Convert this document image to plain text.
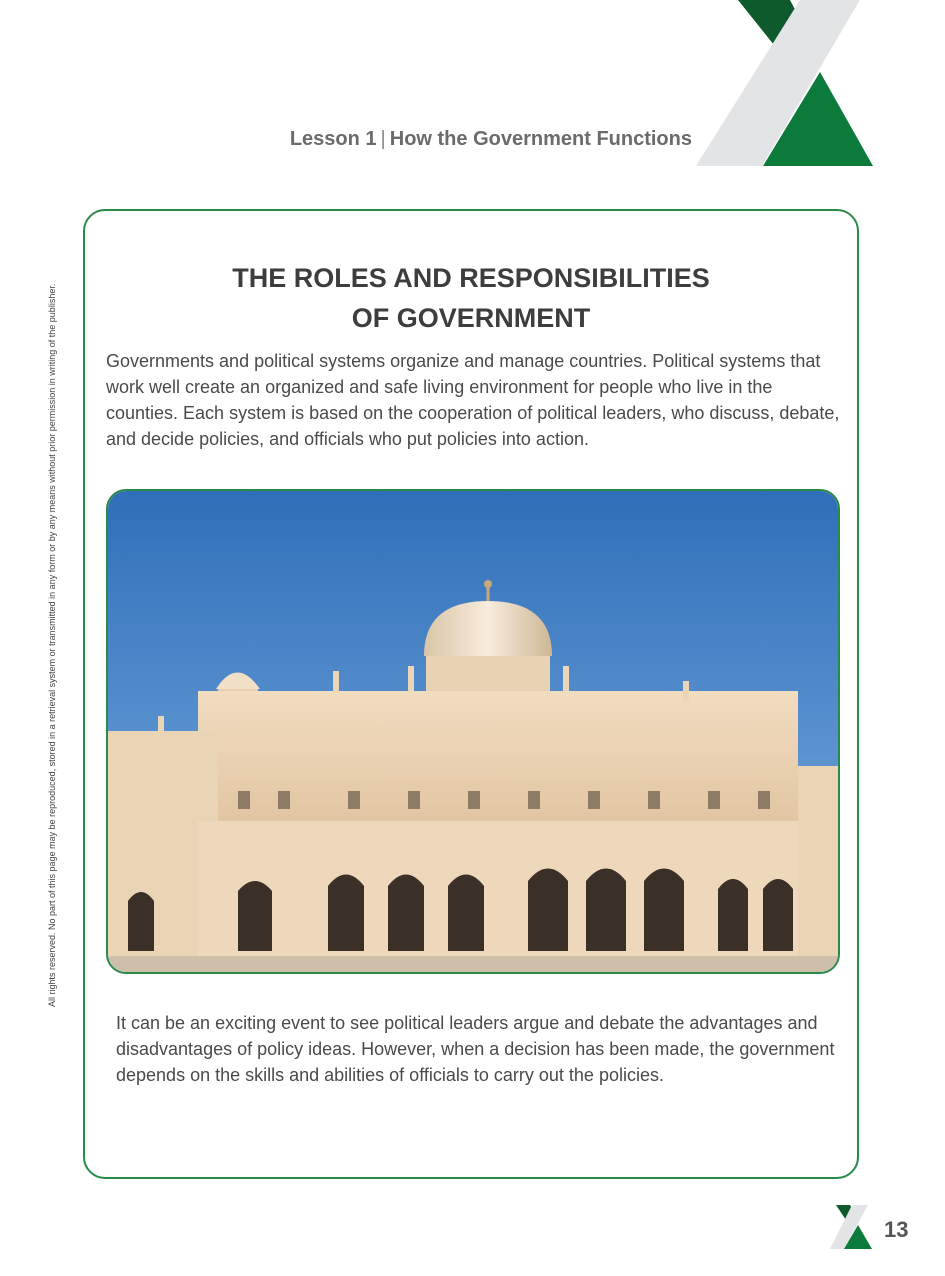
Lesson 1 | How the Government Functions
All rights reserved. No part of this page may be reproduced, stored in a retrieval system or transmitted in any form or by any means without prior permission in writing of the publisher.
THE ROLES AND RESPONSIBILITIES
OF GOVERNMENT
Governments and political systems organize and manage countries. Political systems that work well create an organized and safe living environment for people who live in the counties. Each system is based on the cooperation of political leaders, who discuss, debate, and decide policies, and officials who put policies into action.
It can be an exciting event to see political leaders argue and debate the advantages and disadvantages of policy ideas. However, when a decision has been made, the government depends on the skills and abilities of officials to carry out the policies.
13
